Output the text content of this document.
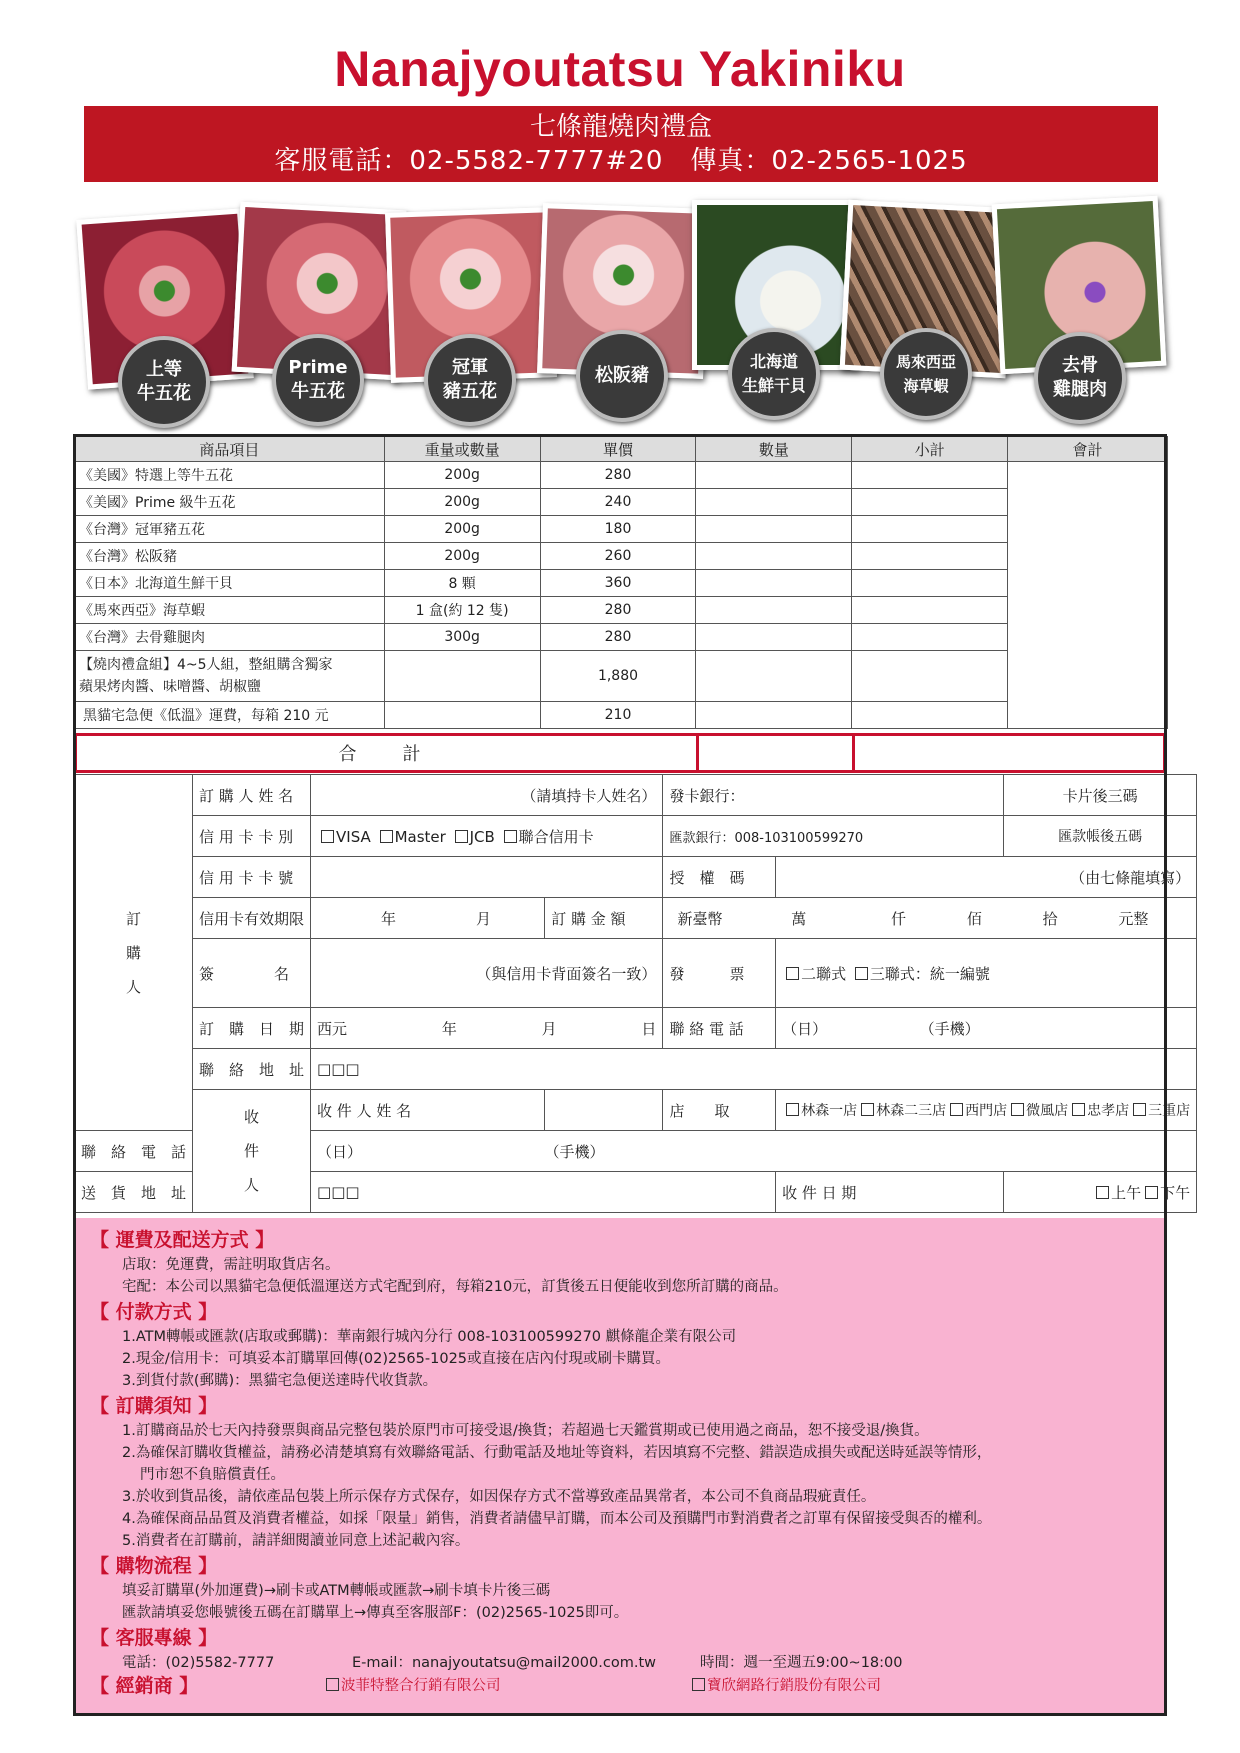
Nanajyoutatsu Yakiniku
七條龍燒肉禮盒
客服電話：02-5582-7777#20　傳真：02-2565-1025
上等
牛五花
Prime
牛五花
冠軍
豬五花
松阪豬
北海道
生鮮干貝
馬來西亞
海草蝦
去骨
雞腿肉
商品項目	重量或數量	單價	數量	小計	會計
《美國》特選上等牛五花	200g	280			
《美國》Prime 級牛五花	200g	240			
《台灣》冠軍豬五花	200g	180			
《台灣》松阪豬	200g	260			
《日本》北海道生鮮干貝	8 顆	360			
《馬來西亞》海草蝦	1 盒(約 12 隻)	280			
《台灣》去骨雞腿肉	300g	280			
【燒肉禮盒組】4~5人組，整組購含獨家
蘋果烤肉醬、味噌醬、胡椒鹽		1,880			
黑貓宅急便《低溫》運費，每箱 210 元		210			
合　計
訂
購
人	訂 購 人 姓 名	（請填持卡人姓名）		發卡銀行：		卡片後三碼
	信 用 卡 卡 別	VISA Master JCB 聯合信用卡		匯款銀行：008-103100599270		匯款帳後五碼
	信 用 卡 卡 號			授　權　碼	（由七條龍填寫）	
	信用卡有效期限	年 月	訂 購 金 額	新臺幣 萬 仟 佰 拾 元整		
	簽　　　　名	（與信用卡背面簽名一致）		發　　　票	二聯式 三聯式：統一編號	
	訂　購　日　期	西元 年 月 日		聯 絡 電 話	（日） （手機）	
	聯　絡　地　址	□□□				
	收
件
人	收 件 人 姓 名		店　　取	林森一店 林森二三店 西門店 微風店 忠孝店 三重店	
聯　絡　電　話		（日） （手機）				
送　貨　地　址		□□□			收 件 日 期	上午 下午
【 運費及配送方式 】
店取：免運費，需註明取貨店名。
宅配：本公司以黑貓宅急便低溫運送方式宅配到府，每箱210元，訂貨後五日便能收到您所訂購的商品。
【 付款方式 】
1.ATM轉帳或匯款(店取或郵購)：華南銀行城內分行 008-103100599270 麒條龍企業有限公司
2.現金/信用卡：可填妥本訂購單回傳(02)2565-1025或直接在店內付現或刷卡購買。
3.到貨付款(郵購)：黑貓宅急便送達時代收貨款。
【 訂購須知 】
1.訂購商品於七天內持發票與商品完整包裝於原門市可接受退/換貨；若超過七天鑑賞期或已使用過之商品，恕不接受退/換貨。
2.為確保訂購收貨權益，請務必清楚填寫有效聯絡電話、行動電話及地址等資料，若因填寫不完整、錯誤造成損失或配送時延誤等情形，
門市恕不負賠償責任。
3.於收到貨品後，請依產品包裝上所示保存方式保存，如因保存方式不當導致產品異常者，本公司不負商品瑕疵責任。
4.為確保商品品質及消費者權益，如採「限量」銷售，消費者請儘早訂購，而本公司及預購門市對消費者之訂單有保留接受與否的權利。
5.消費者在訂購前，請詳細閱讀並同意上述記載內容。
【 購物流程 】
填妥訂購單(外加運費)→刷卡或ATM轉帳或匯款→刷卡填卡片後三碼
匯款請填妥您帳號後五碼在訂購單上→傳真至客服部F：(02)2565-1025即可。
【 客服專線 】
電話：(02)5582-7777	E-mail：nanajyoutatsu@mail2000.com.tw	時間：週一至週五9:00~18:00
【 經銷商 】	波菲特整合行銷有限公司	寶欣網路行銷股份有限公司
